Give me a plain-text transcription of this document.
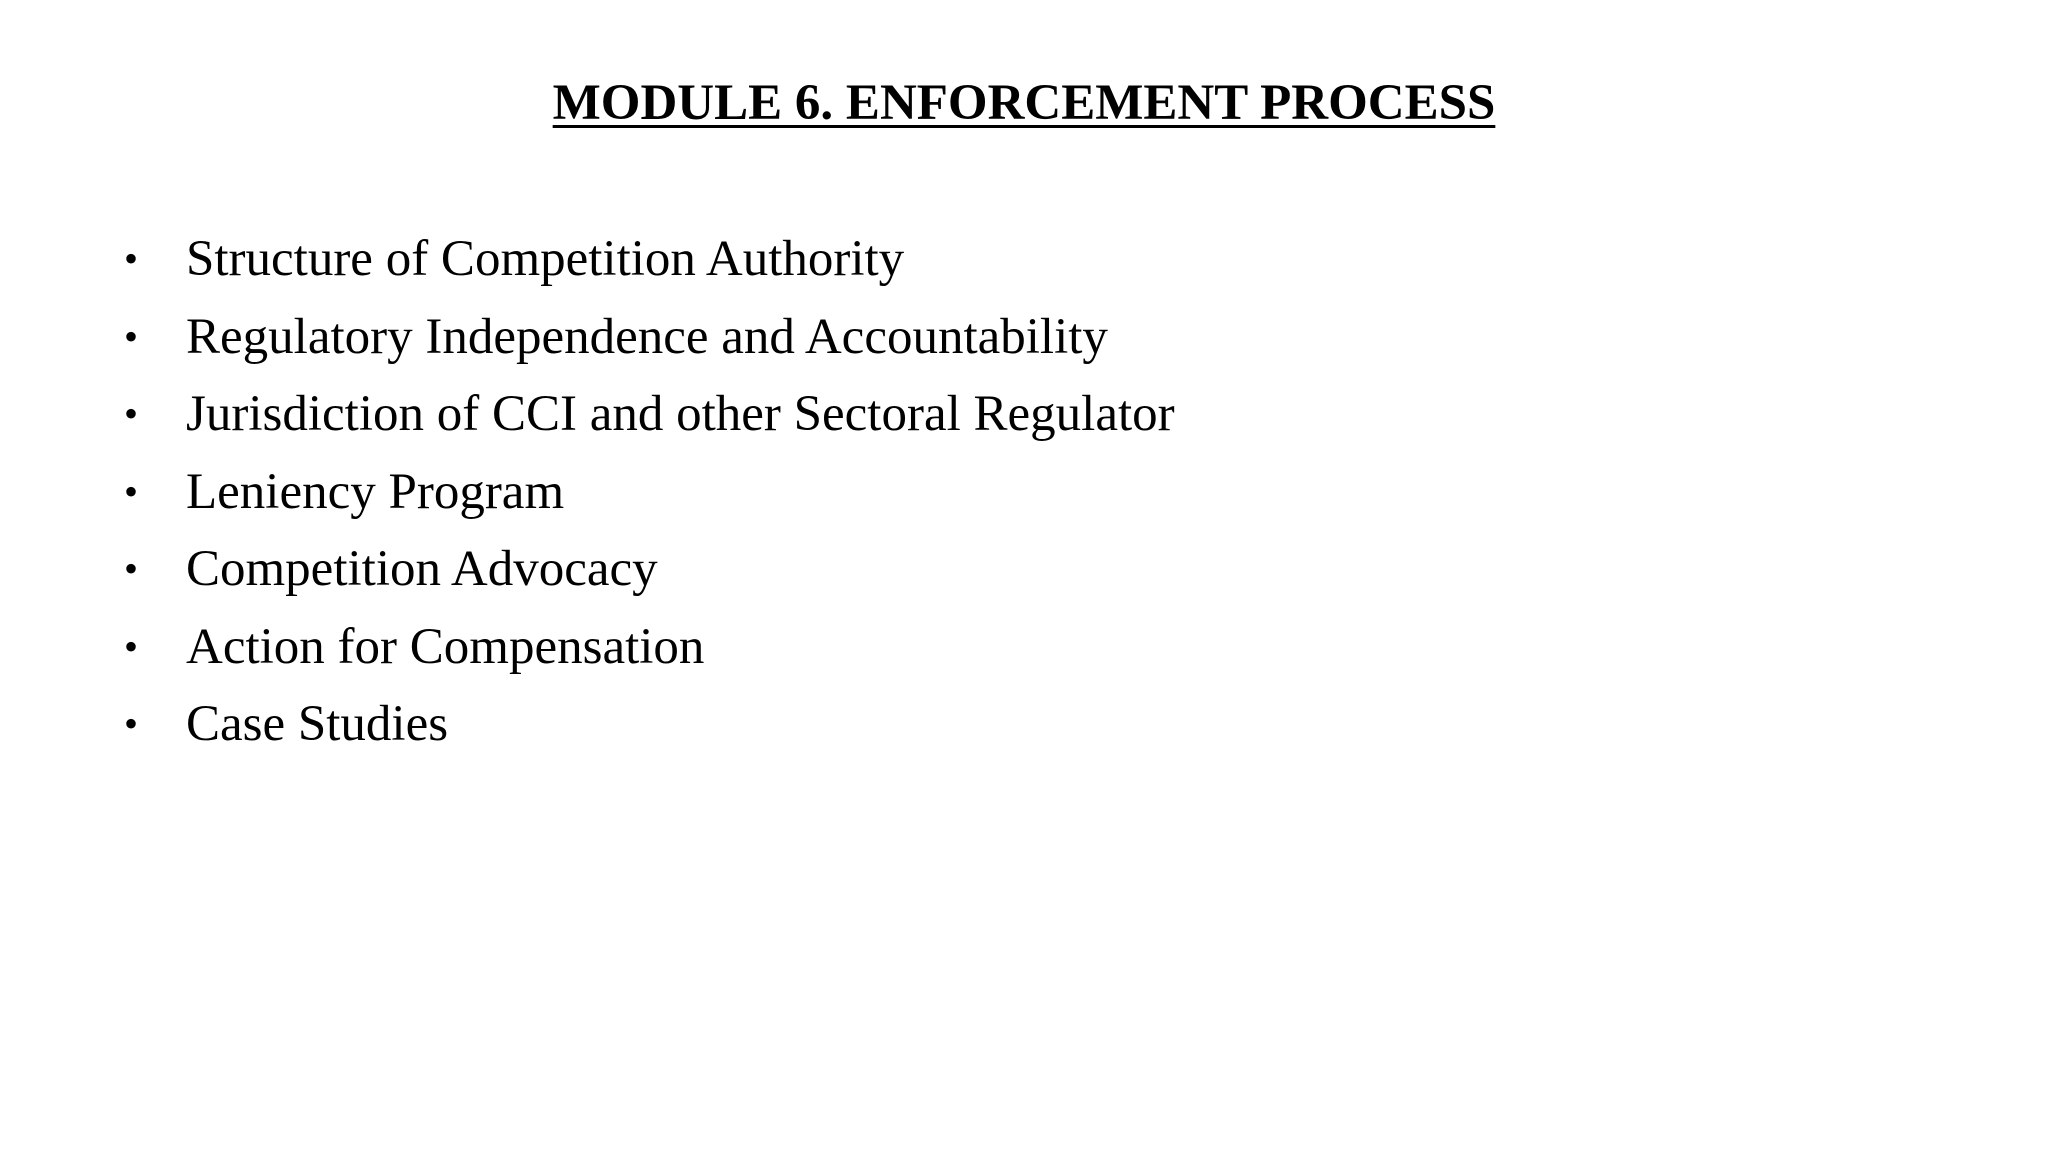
MODULE 6. ENFORCEMENT PROCESS
• Structure of Competition Authority
• Regulatory Independence and Accountability
• Jurisdiction of CCI and other Sectoral Regulator
• Leniency Program
• Competition Advocacy
• Action for Compensation
• Case Studies
